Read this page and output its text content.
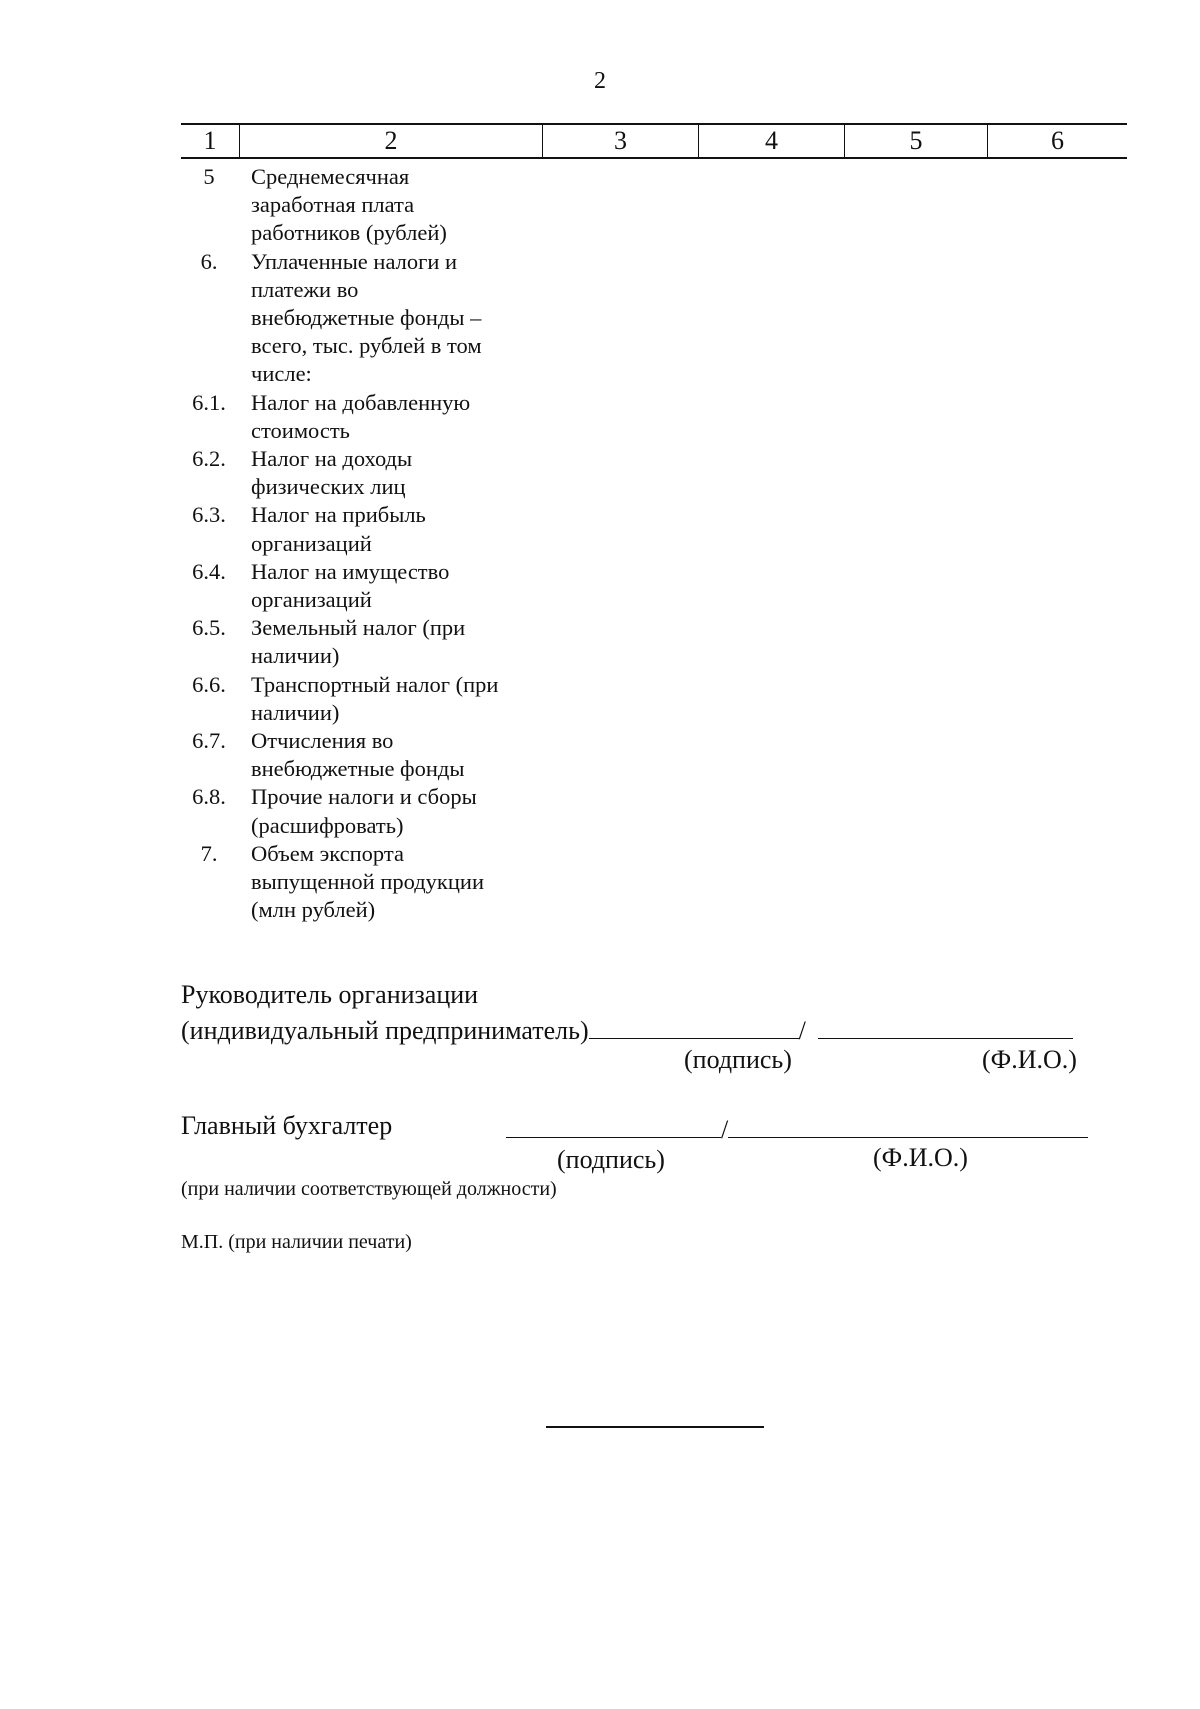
2
1	2	3	4	5	6
5	Среднемесячная
заработная плата
работников (рублей)
6.	Уплаченные налоги и
платежи во
внебюджетные фонды –
всего, тыс. рублей в том
числе:
6.1.	Налог на добавленную
стоимость
6.2.	Налог на доходы
физических лиц
6.3.	Налог на прибыль
организаций
6.4.	Налог на имущество
организаций
6.5.	Земельный налог (при
наличии)
6.6.	Транспортный налог (при
наличии)
6.7.	Отчисления во
внебюджетные фонды
6.8.	Прочие налоги и сборы
(расшифровать)
7.	Объем экспорта
выпущенной продукции
(млн рублей)
Руководитель организации
(индивидуальный предприниматель)	/
(подпись)	(Ф.И.О.)
Главный бухгалтер	/
(подпись)	(Ф.И.О.)
(при наличии соответствующей должности)
М.П. (при наличии печати)
